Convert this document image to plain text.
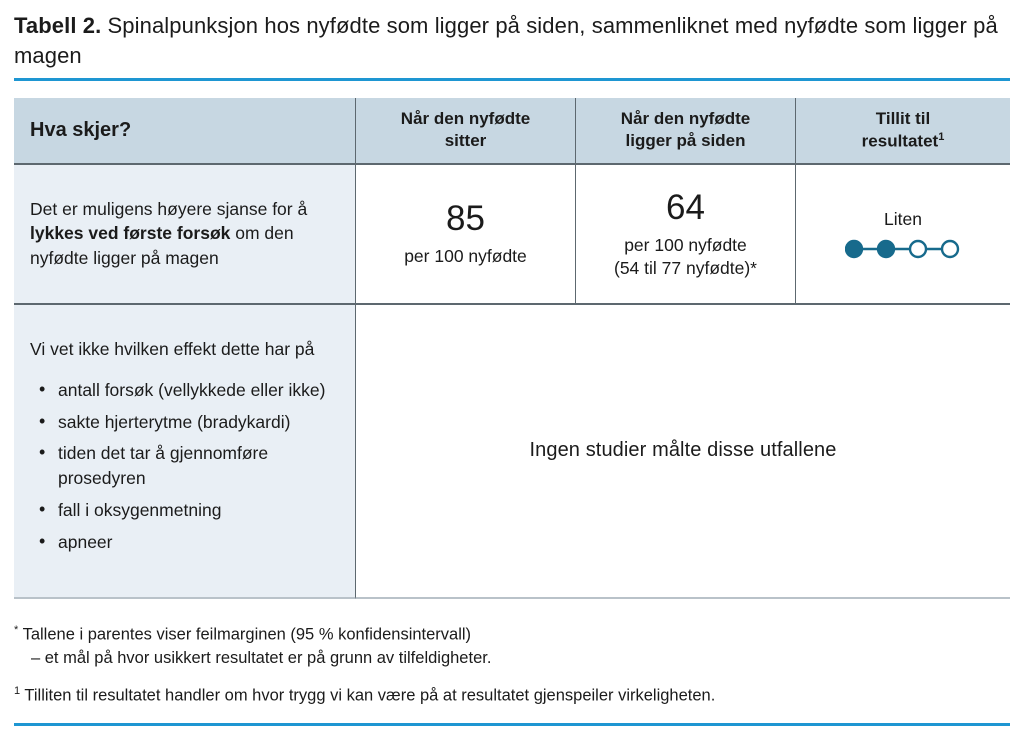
Tabell 2. Spinalpunksjon hos nyfødte som ligger på siden, sammenliknet med nyfødte som ligger på magen
Hva skjer?
Når den nyfødte
sitter
Når den nyfødte
ligger på siden
Tillit til
resultatet$^1$

Det er muligens høyere sjanse for å lykkes ved første forsøk om den nyfødte ligger på magen

85
per 100 nyfødte
64
per 100 nyfødte
(54 til 77 nyfødte)*
Liten

Vi vet ikke hvilken effekt dette har på

• antall forsøk (vellykkede eller ikke)
• sakte hjerterytme (bradykardi)
• tiden det tar å gjennomføre prosedyren
• fall i oksygenmetning
• apneer
Ingen studier målte disse utfallene
* Tallene i parentes viser feilmarginen (95 % konfidensintervall)
– et mål på hvor usikkert resultatet er på grunn av tilfeldigheter.
$^1$ Tilliten til resultatet handler om hvor trygg vi kan være på at resultatet gjenspeiler virkeligheten.
